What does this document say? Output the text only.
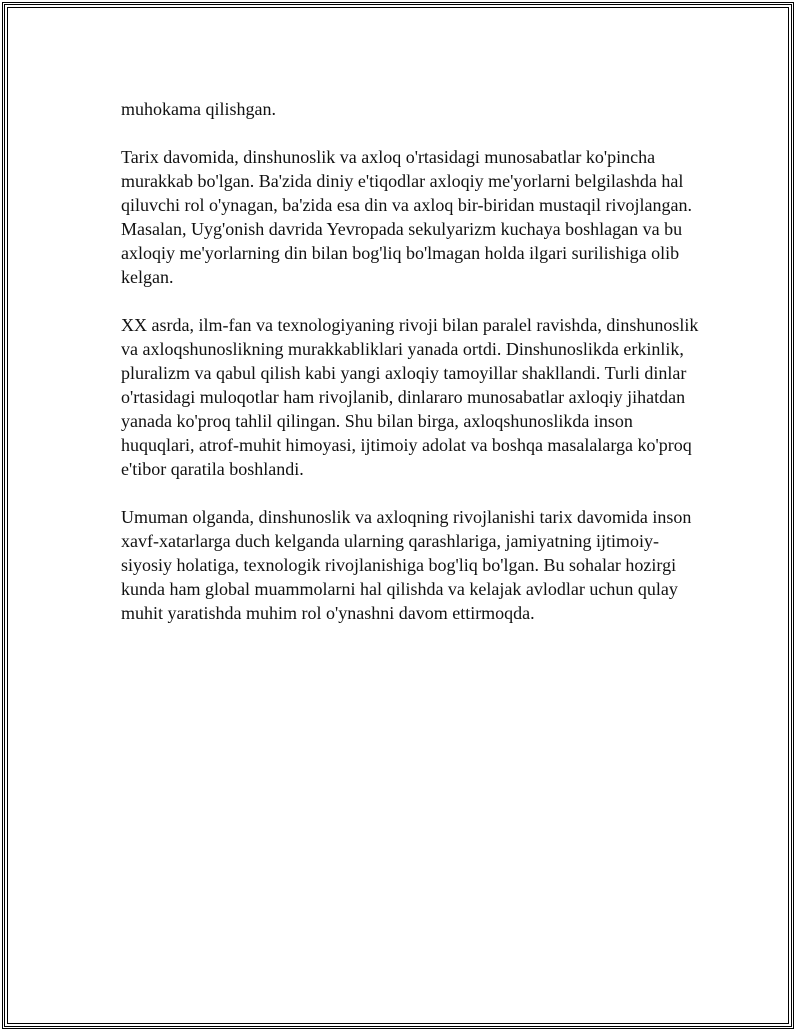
muhokama qilishgan.

Tarix davomida, dinshunoslik va axloq o'rtasidagi munosabatlar ko'pincha murakkab bo'lgan. Ba'zida diniy e'tiqodlar axloqiy me'yorlarni belgilashda hal qiluvchi rol o'ynagan, ba'zida esa din va axloq bir-biridan mustaqil rivojlangan. Masalan, Uyg'onish davrida Yevropada sekulyarizm kuchaya boshlagan va bu axloqiy me'yorlarning din bilan bog'liq bo'lmagan holda ilgari surilishiga olib kelgan.

XX asrda, ilm-fan va texnologiyaning rivoji bilan paralel ravishda, dinshunoslik va axloqshunoslikning murakkabliklari yanada ortdi. Dinshunoslikda erkinlik, pluralizm va qabul qilish kabi yangi axloqiy tamoyillar shakllandi. Turli dinlar o'rtasidagi muloqotlar ham rivojlanib, dinlararo munosabatlar axloqiy jihatdan yanada ko'proq tahlil qilingan. Shu bilan birga, axloqshunoslikda inson huquqlari, atrof-muhit himoyasi, ijtimoiy adolat va boshqa masalalarga ko'proq e'tibor qaratila boshlandi.

Umuman olganda, dinshunoslik va axloqning rivojlanishi tarix davomida inson xavf-xatarlarga duch kelganda ularning qarashlariga, jamiyatning ijtimoiy-siyosiy holatiga, texnologik rivojlanishiga bog'liq bo'lgan. Bu sohalar hozirgi kunda ham global muammolarni hal qilishda va kelajak avlodlar uchun qulay muhit yaratishda muhim rol o'ynashni davom ettirmoqda.
